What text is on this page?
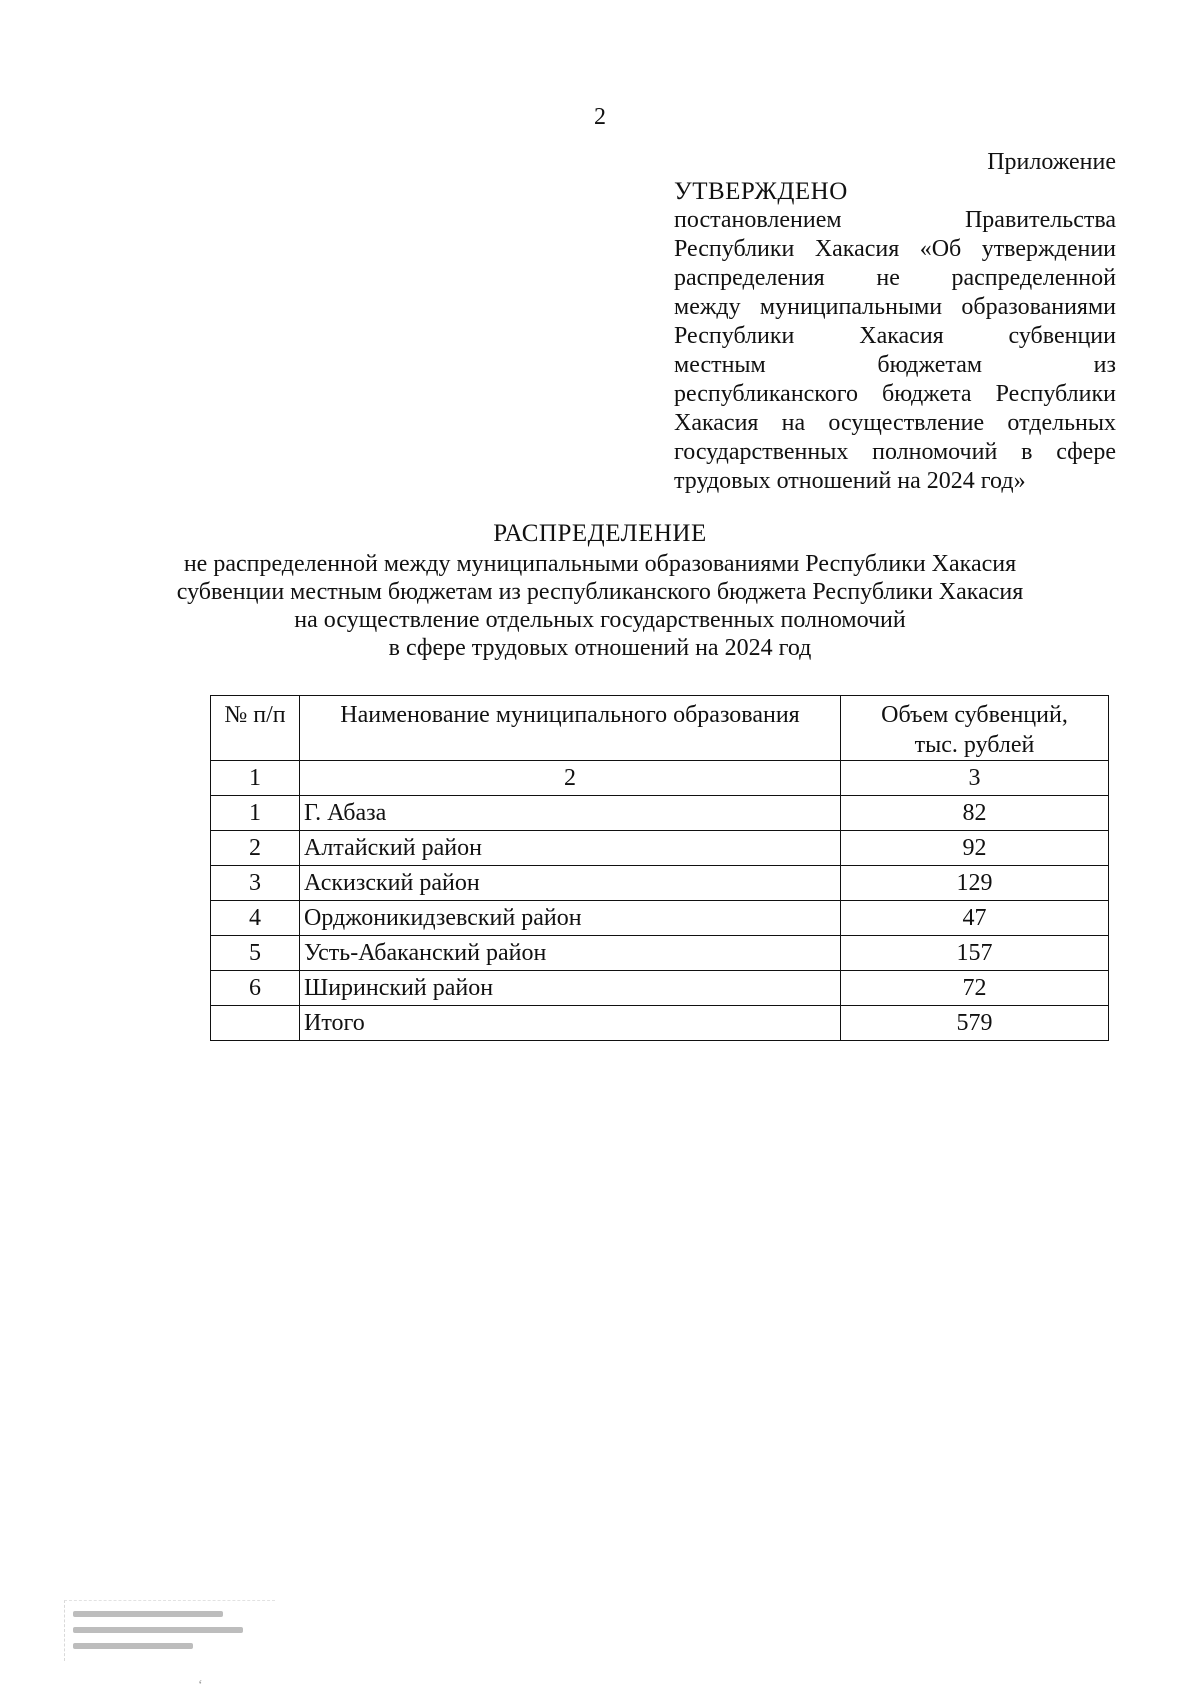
2
Приложение
УТВЕРЖДЕНО
постановлением Правительства
Республики Хакасия «Об утверждении
распределения не распределенной
между муниципальными образованиями
Республики Хакасия субвенции
местным бюджетам из
республиканского бюджета Республики
Хакасия на осуществление отдельных
государственных полномочий в сфере
трудовых отношений на 2024 год»
РАСПРЕДЕЛЕНИЕ
не распределенной между муниципальными образованиями Республики Хакасия
субвенции местным бюджетам из республиканского бюджета Республики Хакасия
на осуществление отдельных государственных полномочий
в сфере трудовых отношений на 2024 год
№ п/п	Наименование муниципального образования	Объем субвенций,
тыс. рублей

1	2	3
1	Г. Абаза	82
2	Алтайский район	92
3	Аскизский район	129
4	Орджоникидзевский район	47
5	Усть-Абаканский район	157
6	Ширинский район	72
	Итого	579
ʻ
